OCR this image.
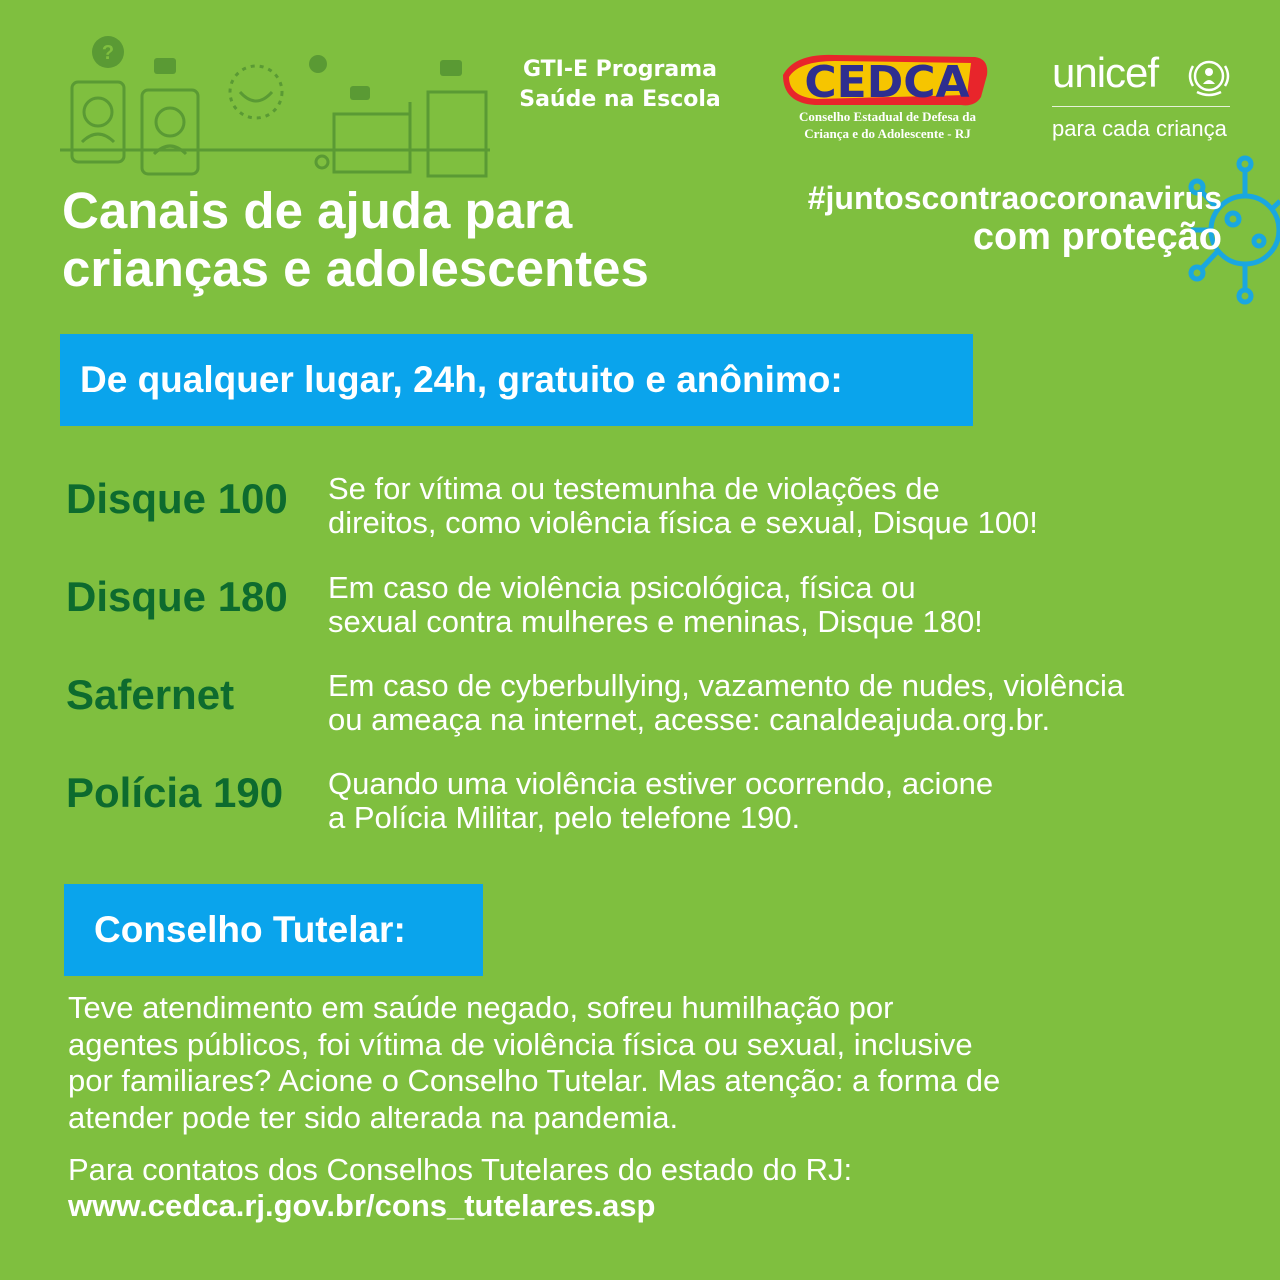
?
GTI-E Programa
Saúde na Escola	CEDCA
Conselho Estadual de Defesa da
Criança e do Adolescente - RJ
unicef
para cada criança
Canais de ajuda para
crianças e adolescentes
#juntoscontraocoronavirus
com proteção
De qualquer lugar, 24h, gratuito e anônimo:
Disque 100	Se for vítima ou testemunha de violações de
direitos, como violência física e sexual, Disque 100!
Disque 180	Em caso de violência psicológica, física ou
sexual contra mulheres e meninas, Disque 180!
Safernet	Em caso de cyberbullying, vazamento de nudes, violência
ou ameaça na internet, acesse: canaldeajuda.org.br.
Polícia 190	Quando uma violência estiver ocorrendo, acione
a Polícia Militar, pelo telefone 190.
Conselho Tutelar:
Teve atendimento em saúde negado, sofreu humilhação por
agentes públicos, foi vítima de violência física ou sexual, inclusive
por familiares? Acione o Conselho Tutelar. Mas atenção: a forma de
atender pode ter sido alterada na pandemia.
Para contatos dos Conselhos Tutelares do estado do RJ:
www.cedca.rj.gov.br/cons_tutelares.asp
